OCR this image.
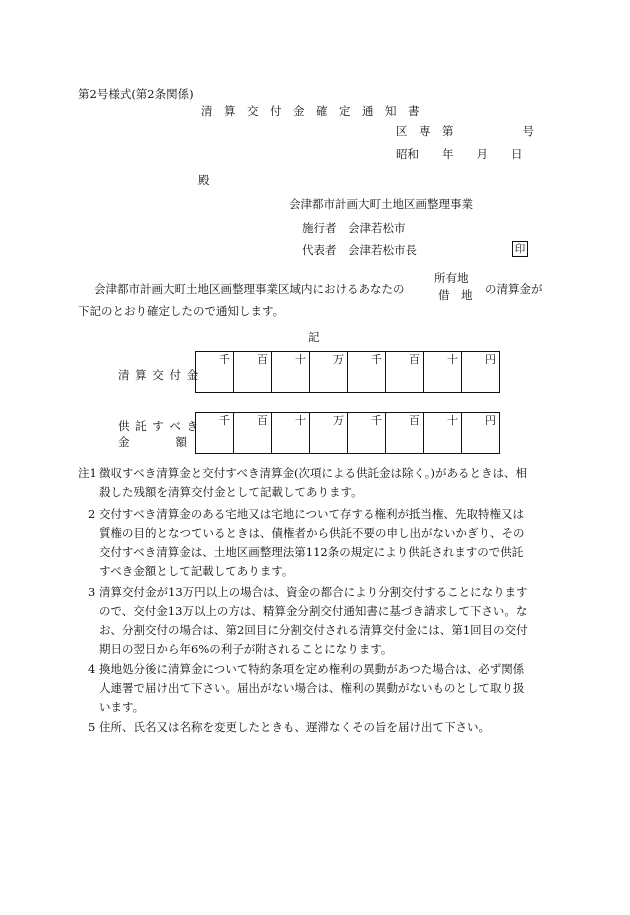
第2号様式(第2条関係)
清　算　交　付　金　確　定　通　知　書
区　専　第　　　　　　号
昭和　　年　　月　　日
殿
会津都市計画大町土地区画整理事業
施行者　会津若松市
代表者　会津若松市長	印
会津都市計画大町土地区画整理事業区域内におけるあなたの
所有地
借　地 の清算金が
下記のとおり確定したので通知します。
記
清 算 交 付 金
千	百	十	万	千	百	十	円
供 託 す べ き
金　　　　額
千	百	十	万	千	百	十	円
注1 徴収すべき清算金と交付すべき清算金(次項による供託金は除く。)があるときは、相殺した残額を清算交付金として記載してあります。
2 交付すべき清算金のある宅地又は宅地について存する権利が抵当権、先取特権又は質権の目的となつているときは、債権者から供託不要の申し出がないかぎり、その交付すべき清算金は、土地区画整理法第112条の規定により供託されますので供託すべき金額として記載してあります。
3 清算交付金が13万円以上の場合は、資金の都合により分割交付することになりますので、交付金13万以上の方は、精算金分割交付通知書に基づき請求して下さい。なお、分割交付の場合は、第2回目に分割交付される清算交付金には、第1回目の交付期日の翌日から年6%の利子が附されることになります。
4 換地処分後に清算金について特約条項を定め権利の異動があつた場合は、必ず関係人連署で届け出て下さい。届出がない場合は、権利の異動がないものとして取り扱います。
5 住所、氏名又は名称を変更したときも、遅滞なくその旨を届け出て下さい。
